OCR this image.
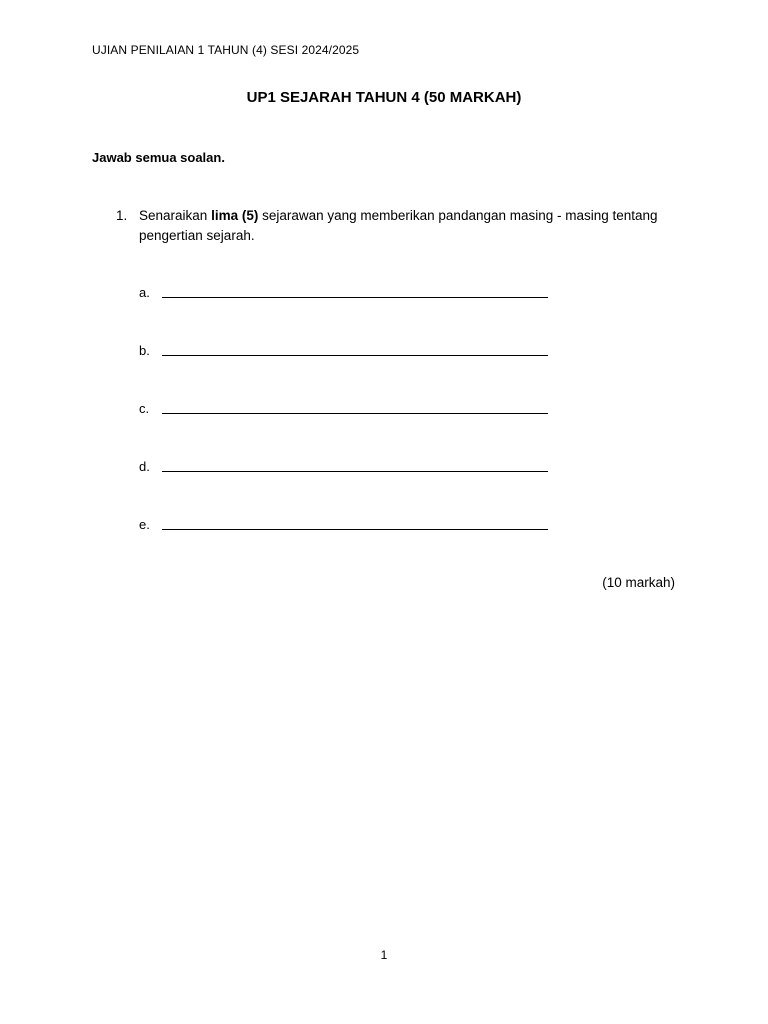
UJIAN PENILAIAN 1 TAHUN (4) SESI 2024/2025
UP1 SEJARAH TAHUN 4 (50 MARKAH)
Jawab semua soalan.
1. Senaraikan lima (5) sejarawan yang memberikan pandangan masing - masing tentang pengertian sejarah.
a.
b.
c.
d.
e.
(10 markah)
1
